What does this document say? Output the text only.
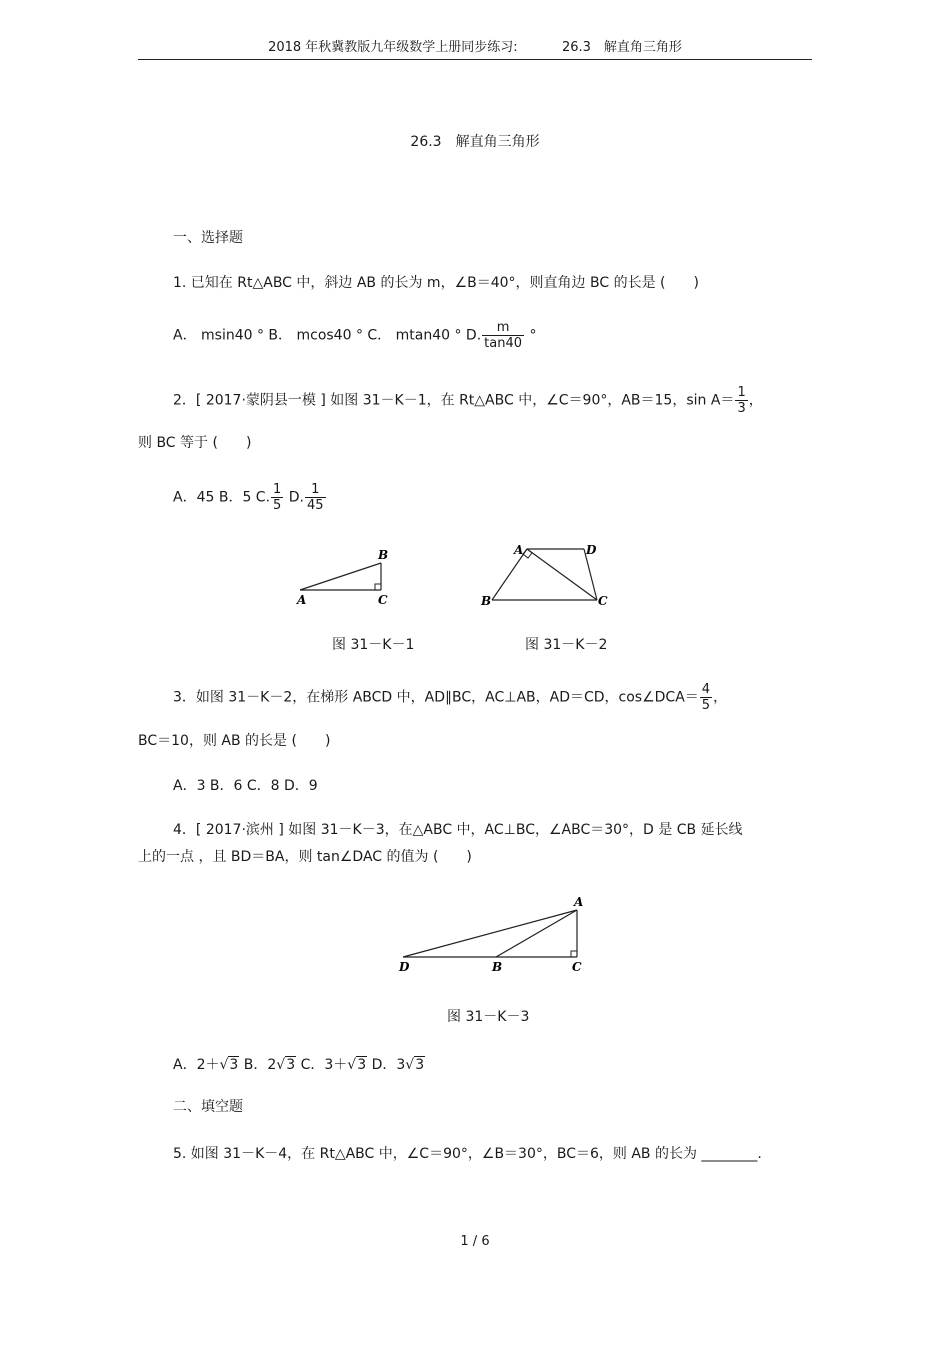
2018 年秋冀教版九年级数学上册同步练习:	26.3　解直角三角形
26.3　解直角三角形
一、选择题
1. 已知在 Rt△ABC 中，斜边 AB 的长为 m，∠B＝40°，则直角边 BC 的长是 (　　)
A． msin40 ° B． mcos40 ° C． mtan40 ° D. $\frac{m}{\tan 40}$ °
2．[ 2017·蒙阴县一模 ] 如图 31－K－1，在 Rt△ABC 中，∠C＝90°，AB＝15，$\sin A= \frac{1}{3}$ ，
则 BC 等于 (　　)
A．45 B．5 C. $\frac{1}{5} D$. $\frac{1}{45}$
A
B
C
图 31－K－1
A	D
B	C
图 31－K－2
3．如图 31－K－2，在梯形 ABCD 中，AD∥BC，AC⊥AB，AD＝CD，cos∠DCA＝ $\frac{4}{5}$ ，
BC＝10，则 AB 的长是 (　　)
A．3 B．6 C．8 D．9
4．[ 2017·滨州 ] 如图 31－K－3，在△ABC 中，AC⊥BC，∠ABC＝30°，D 是 CB 延长线
上的一点 ，且 BD＝BA，则 tan∠DAC 的值为 (　　)
A
D	B	C
图 31－K－3
A．2＋√3 B．2√3 C．3＋√3 D．3√3
二、填空题
5. 如图 31－K－4，在 Rt△ABC 中，∠C＝90°，∠B＝30°，BC＝6，则 AB 的长为 ________.
1 / 6
